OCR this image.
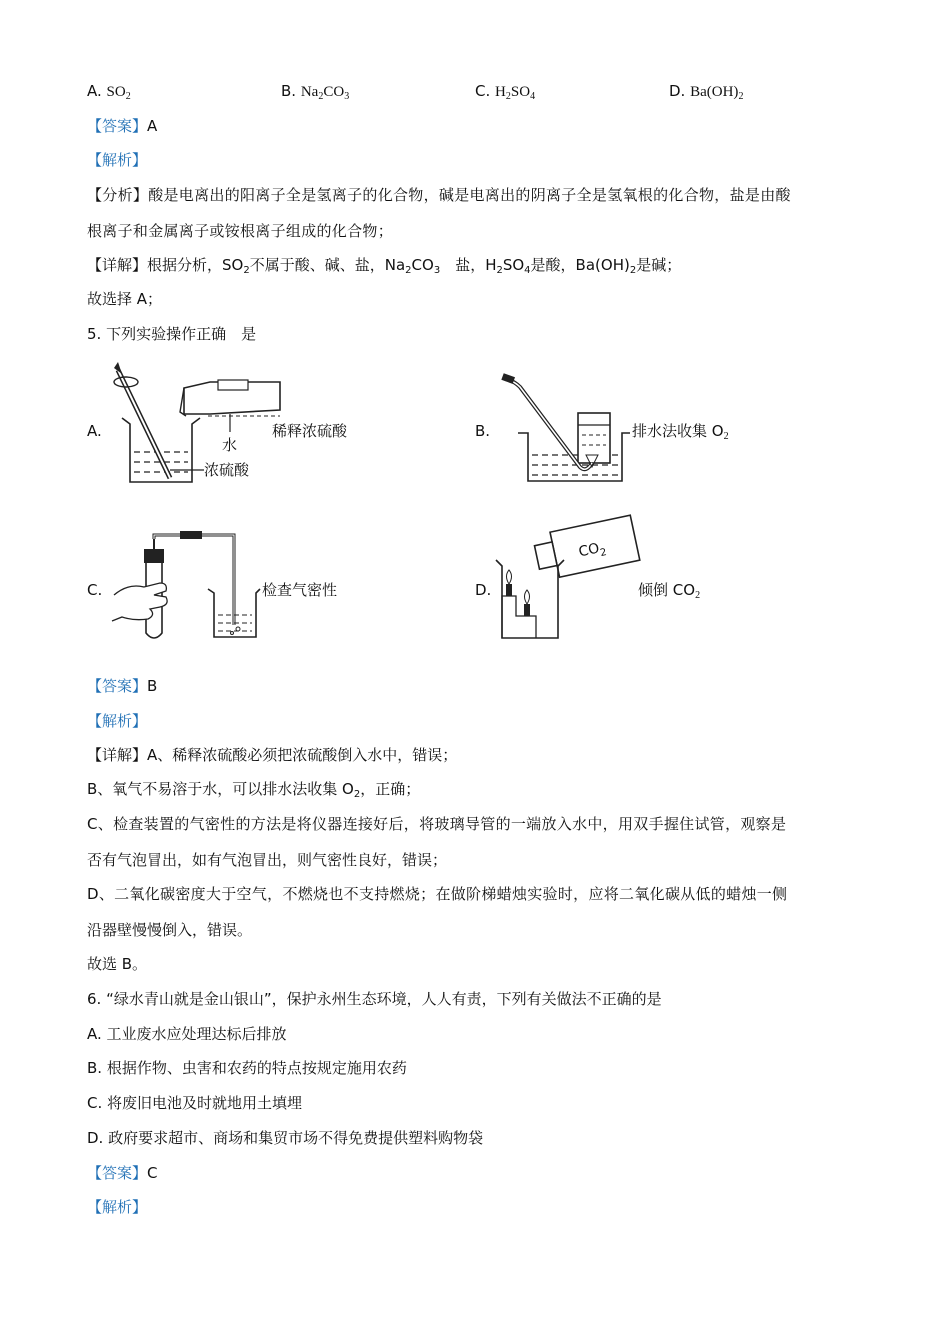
A. $SO_2$	B. $Na_2CO_3$	C. $H_2SO_4$	D. $Ba(OH)_2$
【答案】A
【解析】
【分析】酸是电离出的阳离子全是氢离子的化合物，碱是电离出的阴离子全是氢氧根的化合物，盐是由酸
根离子和金属离子或铵根离子组成的化合物；
【详解】根据分析，$SO_2$不属于酸、碱、盐，$Na_2CO_3$　盐，$H_2SO_4$是酸，$Ba(OH)_2$是碱；
故选择 A；
5. 下列实验操作正确　是
A.
水
浓硫酸
稀释浓硫酸	B.	排水法收集 $O_2$
C.	检查气密性	D.
$CO_2$
倾倒 $CO_2$
【答案】B
【解析】
【详解】A、稀释浓硫酸必须把浓硫酸倒入水中，错误；
B、氧气不易溶于水，可以排水法收集 $O_2$，正确；
C、检查装置的气密性的方法是将仪器连接好后，将玻璃导管的一端放入水中，用双手握住试管，观察是
否有气泡冒出，如有气泡冒出，则气密性良好，错误；
D、二氧化碳密度大于空气，不燃烧也不支持燃烧；在做阶梯蜡烛实验时，应将二氧化碳从低的蜡烛一侧
沿器壁慢慢倒入，错误。
故选 B。
6. “绿水青山就是金山银山”，保护永州生态环境，人人有责，下列有关做法不正确的是
A. 工业废水应处理达标后排放
B. 根据作物、虫害和农药的特点按规定施用农药
C. 将废旧电池及时就地用土填埋
D. 政府要求超市、商场和集贸市场不得免费提供塑料购物袋
【答案】C
【解析】
